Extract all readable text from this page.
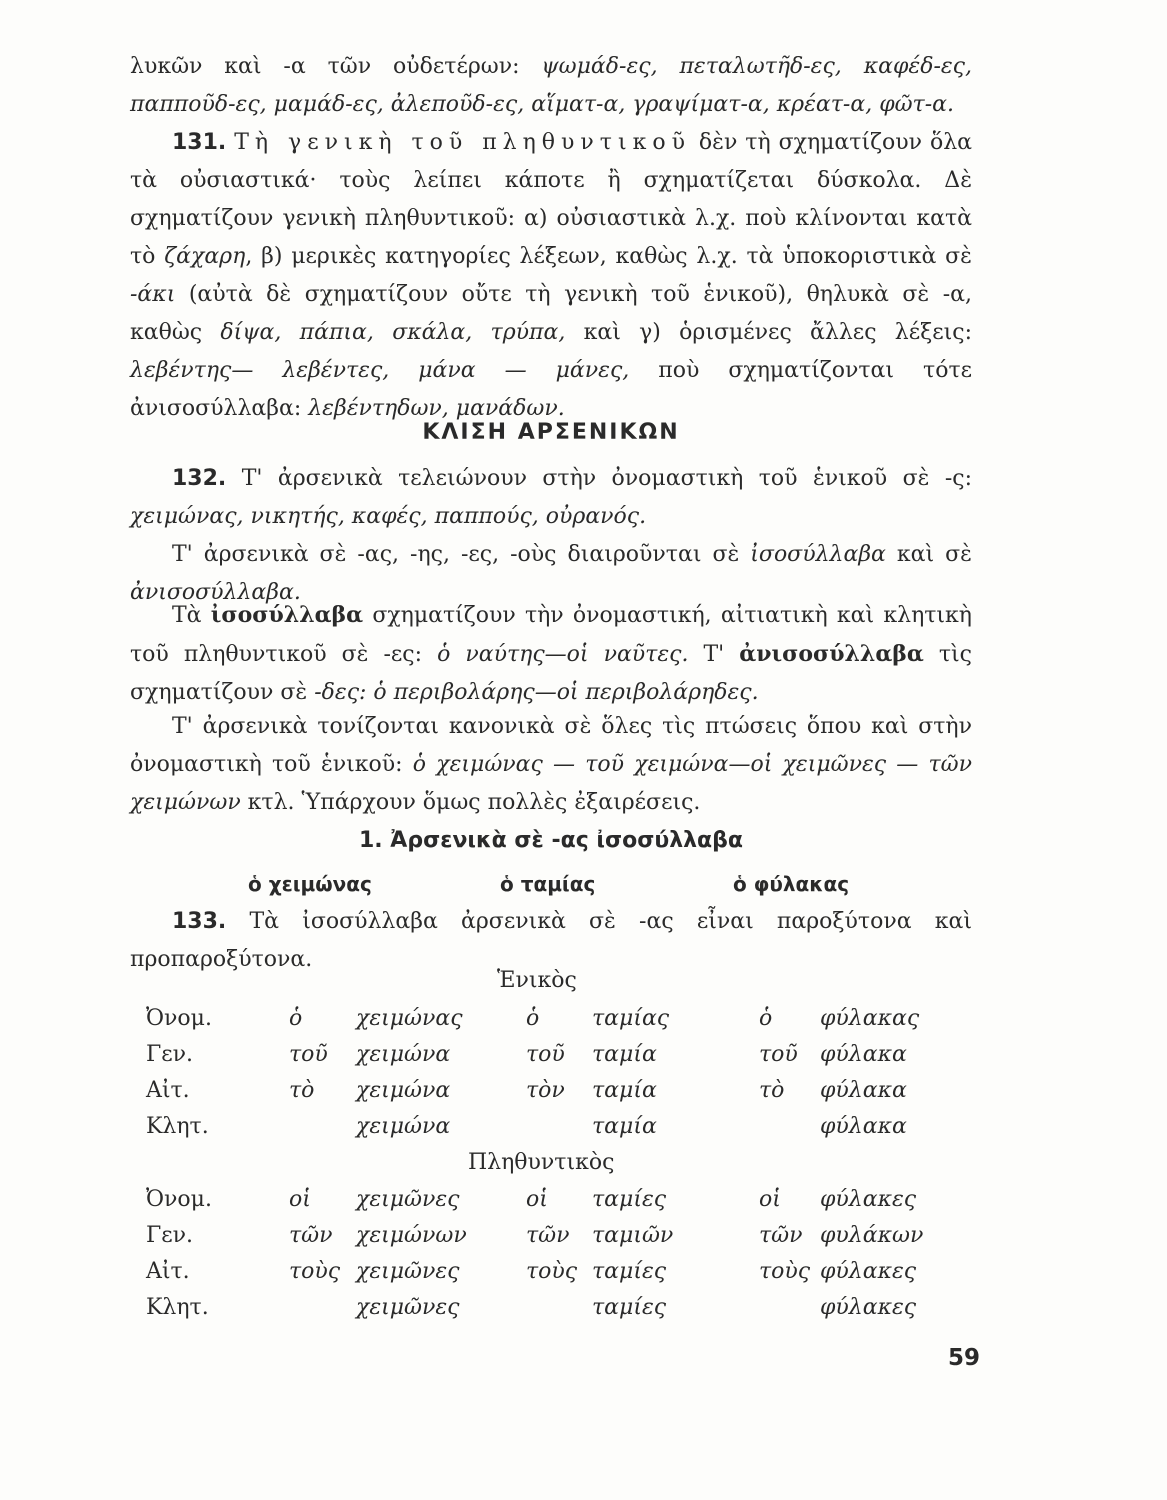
λυκῶν καὶ -α τῶν οὐδετέρων: ψωμάδ-ες, πεταλωτῆδ-ες, καφέδ-ες, παπποῦδ-ες, μαμάδ-ες, ἀλεποῦδ-ες, αἵματ-α, γραψίματ-α, κρέατ-α, φῶτ-α.
131. Τὴ γενικὴ τοῦ πληθυντικοῦ δὲν τὴ σχηματίζουν ὅλα τὰ οὐσιαστικά· τοὺς λείπει κάποτε ἢ σχηματίζεται δύσκολα. Δὲ σχηματίζουν γενικὴ πληθυντικοῦ: α) οὐσιαστικὰ λ.χ. ποὺ κλίνονται κατὰ τὸ ζάχαρη, β) μερικὲς κατηγορίες λέξεων, καθὼς λ.χ. τὰ ὑποκοριστικὰ σὲ -άκι (αὐτὰ δὲ σχηματίζουν οὔτε τὴ γενικὴ τοῦ ἑνικοῦ), θηλυκὰ σὲ -α, καθὼς δίψα, πάπια, σκάλα, τρύπα, καὶ γ) ὁρισμένες ἄλλες λέξεις: λεβέντης— λεβέντες, μάνα — μάνες, ποὺ σχηματίζονται τότε ἀνισοσύλλαβα: λεβέντηδων, μανάδων.
ΚΛΙΣΗ ΑΡΣΕΝΙΚΩΝ
132. Τ' ἀρσενικὰ τελειώνουν στὴν ὀνομαστικὴ τοῦ ἑνικοῦ σὲ -ς: χειμώνας, νικητής, καφές, παππούς, οὐρανός.
Τ' ἀρσενικὰ σὲ -ας, -ης, -ες, -οὺς διαιροῦνται σὲ ἰσοσύλλαβα καὶ σὲ ἀνισοσύλλαβα.
Τὰ ἰσοσύλλαβα σχηματίζουν τὴν ὀνομαστική, αἰτιατικὴ καὶ κλητικὴ τοῦ πληθυντικοῦ σὲ -ες: ὁ ναύτης—οἱ ναῦτες. Τ' ἀνισοσύλλαβα τὶς σχηματίζουν σὲ -δες: ὁ περιβολάρης—οἱ περιβολάρηδες.
Τ' ἀρσενικὰ τονίζονται κανονικὰ σὲ ὅλες τὶς πτώσεις ὅπου καὶ στὴν ὀνομαστικὴ τοῦ ἑνικοῦ: ὁ χειμώνας — τοῦ χειμώνα—οἱ χειμῶνες — τῶν χειμώνων κτλ. Ὑπάρχουν ὅμως πολλὲς ἐξαιρέσεις.
1. Ἀρσενικὰ σὲ -ας ἰσοσύλλαβα
ὁ χειμώνας	ὁ ταμίας	ὁ φύλακας
133. Τὰ ἰσοσύλλαβα ἀρσενικὰ σὲ -ας εἶναι παροξύτονα καὶ προπαροξύτονα.
Ἑνικὸς
Ὀνομ.	ὁ χειμώνας	ὁ ταμίας	ὁ φύλακας
Γεν.	τοῦ χειμώνα	τοῦ ταμία	τοῦ φύλακα
Αἰτ.	τὸ χειμώνα	τὸν ταμία	τὸ φύλακα
Κλητ.	χειμώνα	ταμία	φύλακα
Πληθυντικὸς
Ὀνομ.	οἱ χειμῶνες	οἱ ταμίες	οἱ φύλακες
Γεν.	τῶν χειμώνων	τῶν ταμιῶν	τῶν φυλάκων
Αἰτ.	τοὺς χειμῶνες	τοὺς ταμίες	τοὺς φύλακες
Κλητ.	χειμῶνες	ταμίες	φύλακες
59
